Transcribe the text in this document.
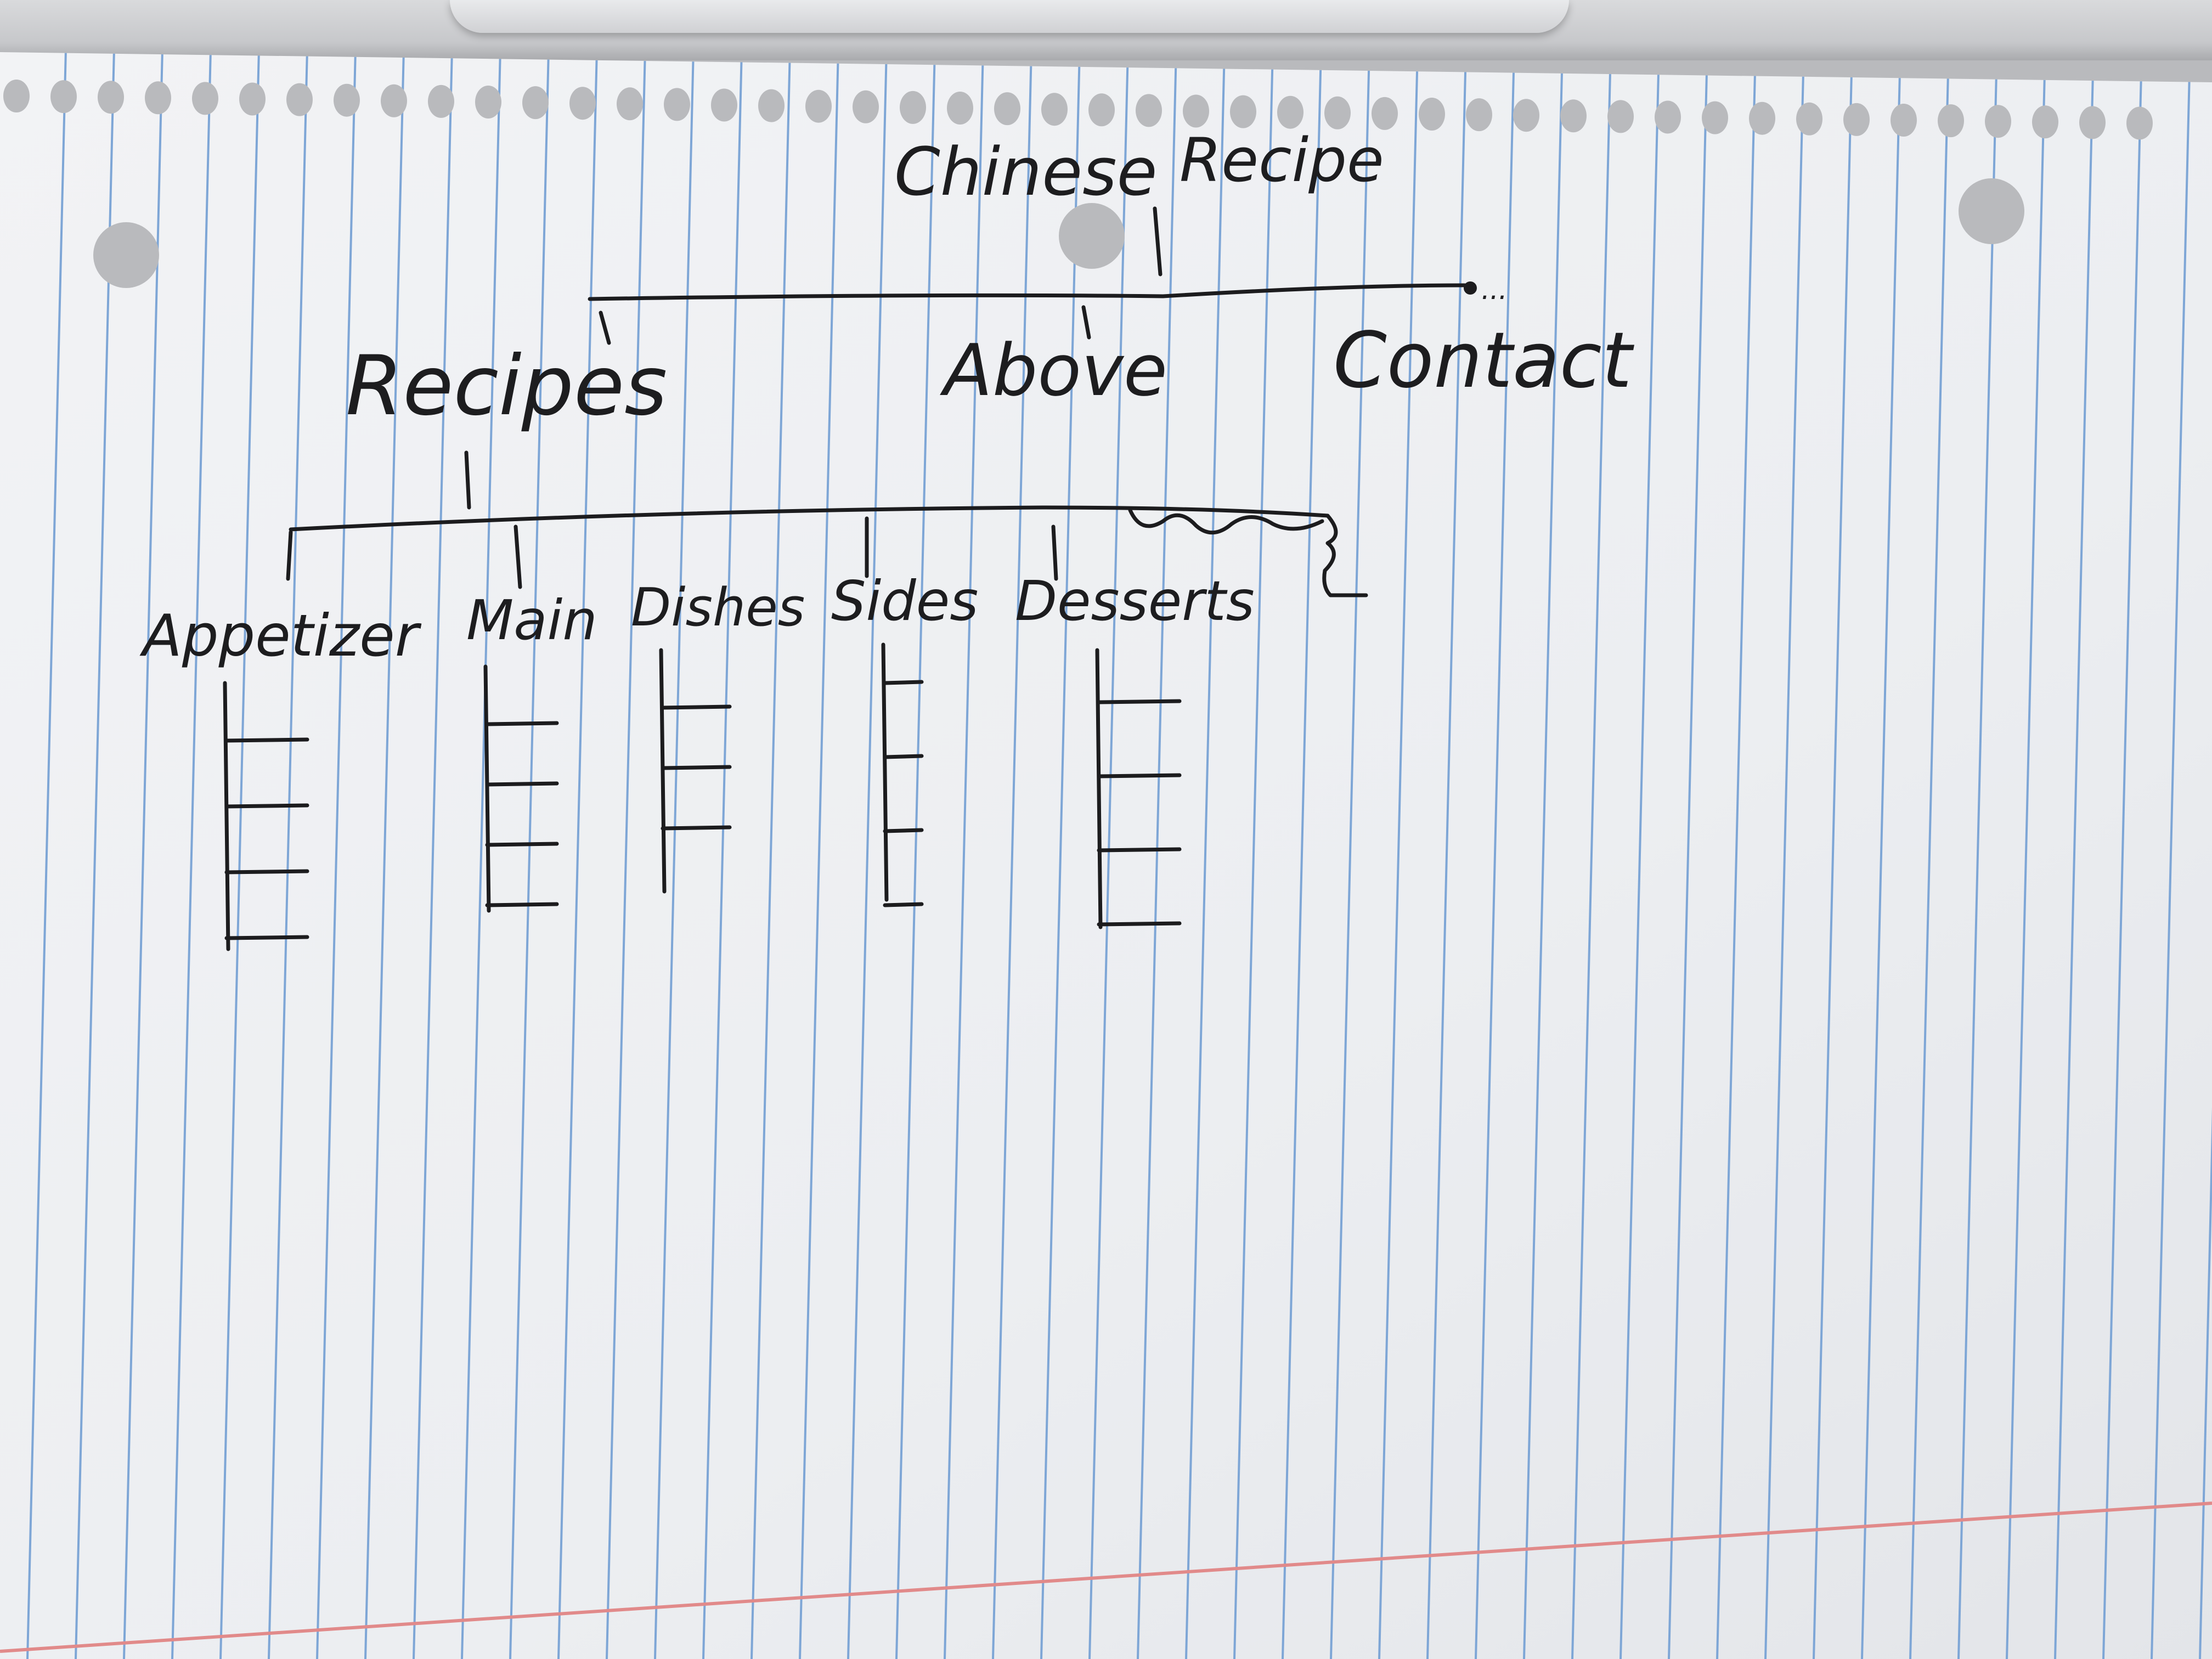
Chinese Recipe
...
Recipes	Above Contact
Appetizer Main Dishes Sides Desserts
